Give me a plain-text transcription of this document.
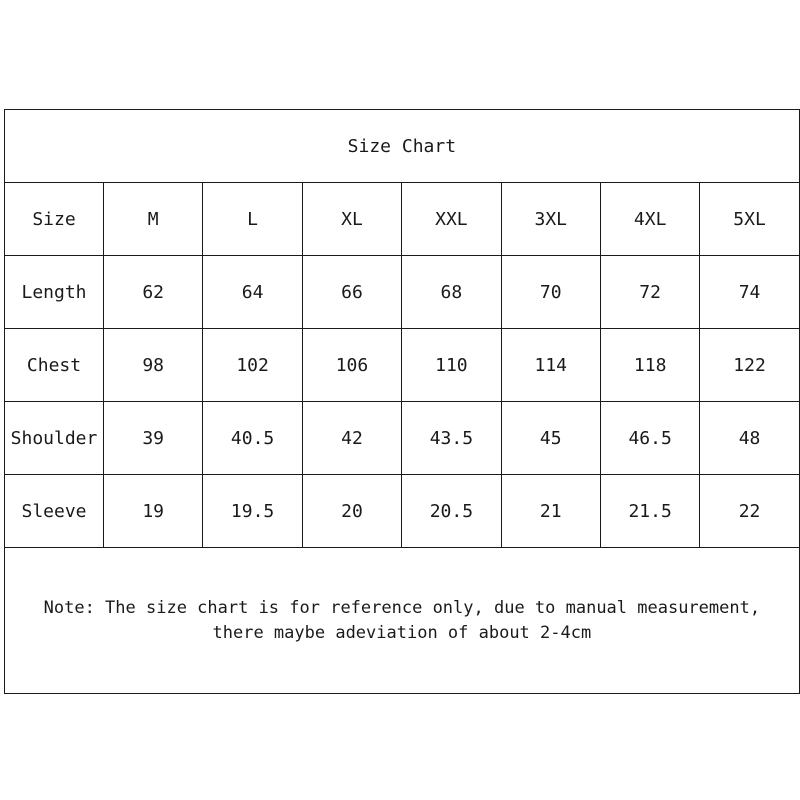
Size Chart							
Size	M	L	XL	XXL	3XL	4XL	5XL
Length	62	64	66	68	70	72	74
Chest	98	102	106	110	114	118	122
Shoulder	39	40.5	42	43.5	45	46.5	48
Sleeve	19	19.5	20	20.5	21	21.5	22

Note: The size chart is for reference only, due to manual measurement,
there maybe adeviation of about 2-4cm							
